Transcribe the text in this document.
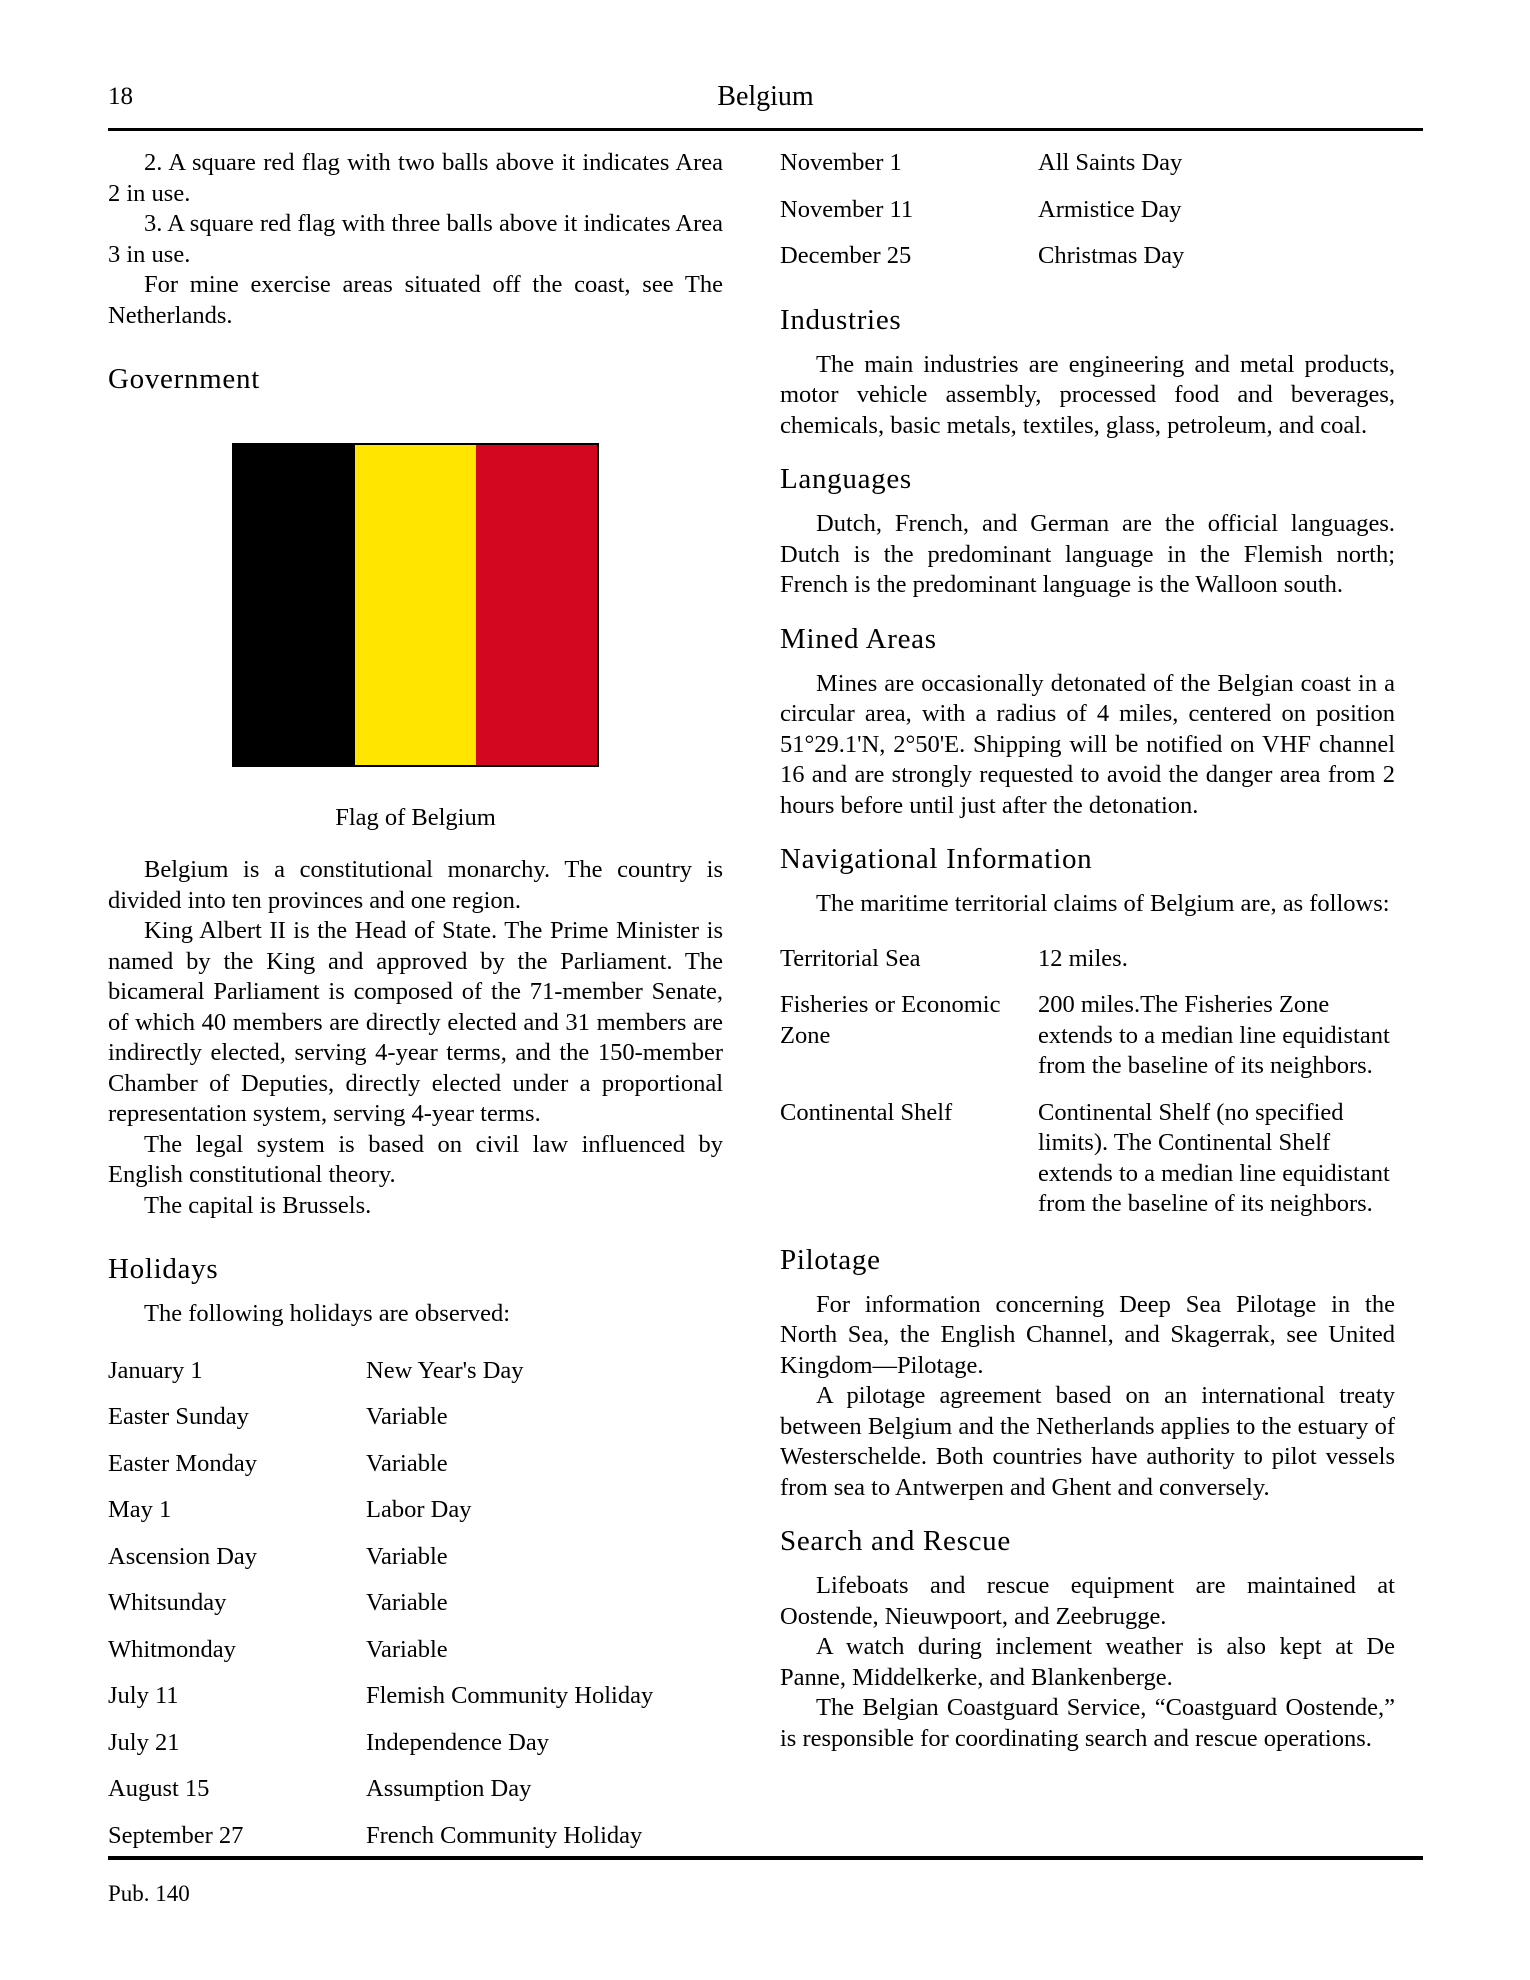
18	Belgium

2. A square red flag with two balls above it indicates Area 2 in use.

3. A square red flag with three balls above it indicates Area 3 in use.

For mine exercise areas situated off the coast, see The Netherlands.

Government

Flag of Belgium

Belgium is a constitutional monarchy. The country is divided into ten provinces and one region.

King Albert II is the Head of State. The Prime Minister is named by the King and approved by the Parliament. The bicameral Parliament is composed of the 71-member Senate, of which 40 members are directly elected and 31 members are indirectly elected, serving 4-year terms, and the 150-member Chamber of Deputies, directly elected under a proportional representation system, serving 4-year terms.

The legal system is based on civil law influenced by English constitutional theory.

The capital is Brussels.

Holidays

The following holidays are observed:

January 1	New Year's Day
Easter Sunday	Variable
Easter Monday	Variable
May 1	Labor Day
Ascension Day	Variable
Whitsunday	Variable
Whitmonday	Variable
July 11	Flemish Community Holiday
July 21	Independence Day
August 15	Assumption Day
September 27	French Community Holiday
November 1	All Saints Day
November 11	Armistice Day
December 25	Christmas Day
Industries

The main industries are engineering and metal products, motor vehicle assembly, processed food and beverages, chemicals, basic metals, textiles, glass, petroleum, and coal.

Languages

Dutch, French, and German are the official languages. Dutch is the predominant language in the Flemish north; French is the predominant language is the Walloon south.

Mined Areas

Mines are occasionally detonated of the Belgian coast in a circular area, with a radius of 4 miles, centered on position 51°29.1'N, 2°50'E. Shipping will be notified on VHF channel 16 and are strongly requested to avoid the danger area from 2 hours before until just after the detonation.

Navigational Information

The maritime territorial claims of Belgium are, as follows:

Territorial Sea	12 miles.
Fisheries or Economic Zone	200 miles.The Fisheries Zone extends to a median line equidistant from the baseline of its neighbors.
Continental Shelf	Continental Shelf (no specified limits). The Continental Shelf extends to a median line equidistant from the baseline of its neighbors.
Pilotage

For information concerning Deep Sea Pilotage in the North Sea, the English Channel, and Skagerrak, see United Kingdom—Pilotage.

A pilotage agreement based on an international treaty between Belgium and the Netherlands applies to the estuary of Westerschelde. Both countries have authority to pilot vessels from sea to Antwerpen and Ghent and conversely.

Search and Rescue

Lifeboats and rescue equipment are maintained at Oostende, Nieuwpoort, and Zeebrugge.

A watch during inclement weather is also kept at De Panne, Middelkerke, and Blankenberge.

The Belgian Coastguard Service, “Coastguard Oostende,” is responsible for coordinating search and rescue operations.

Pub. 140
